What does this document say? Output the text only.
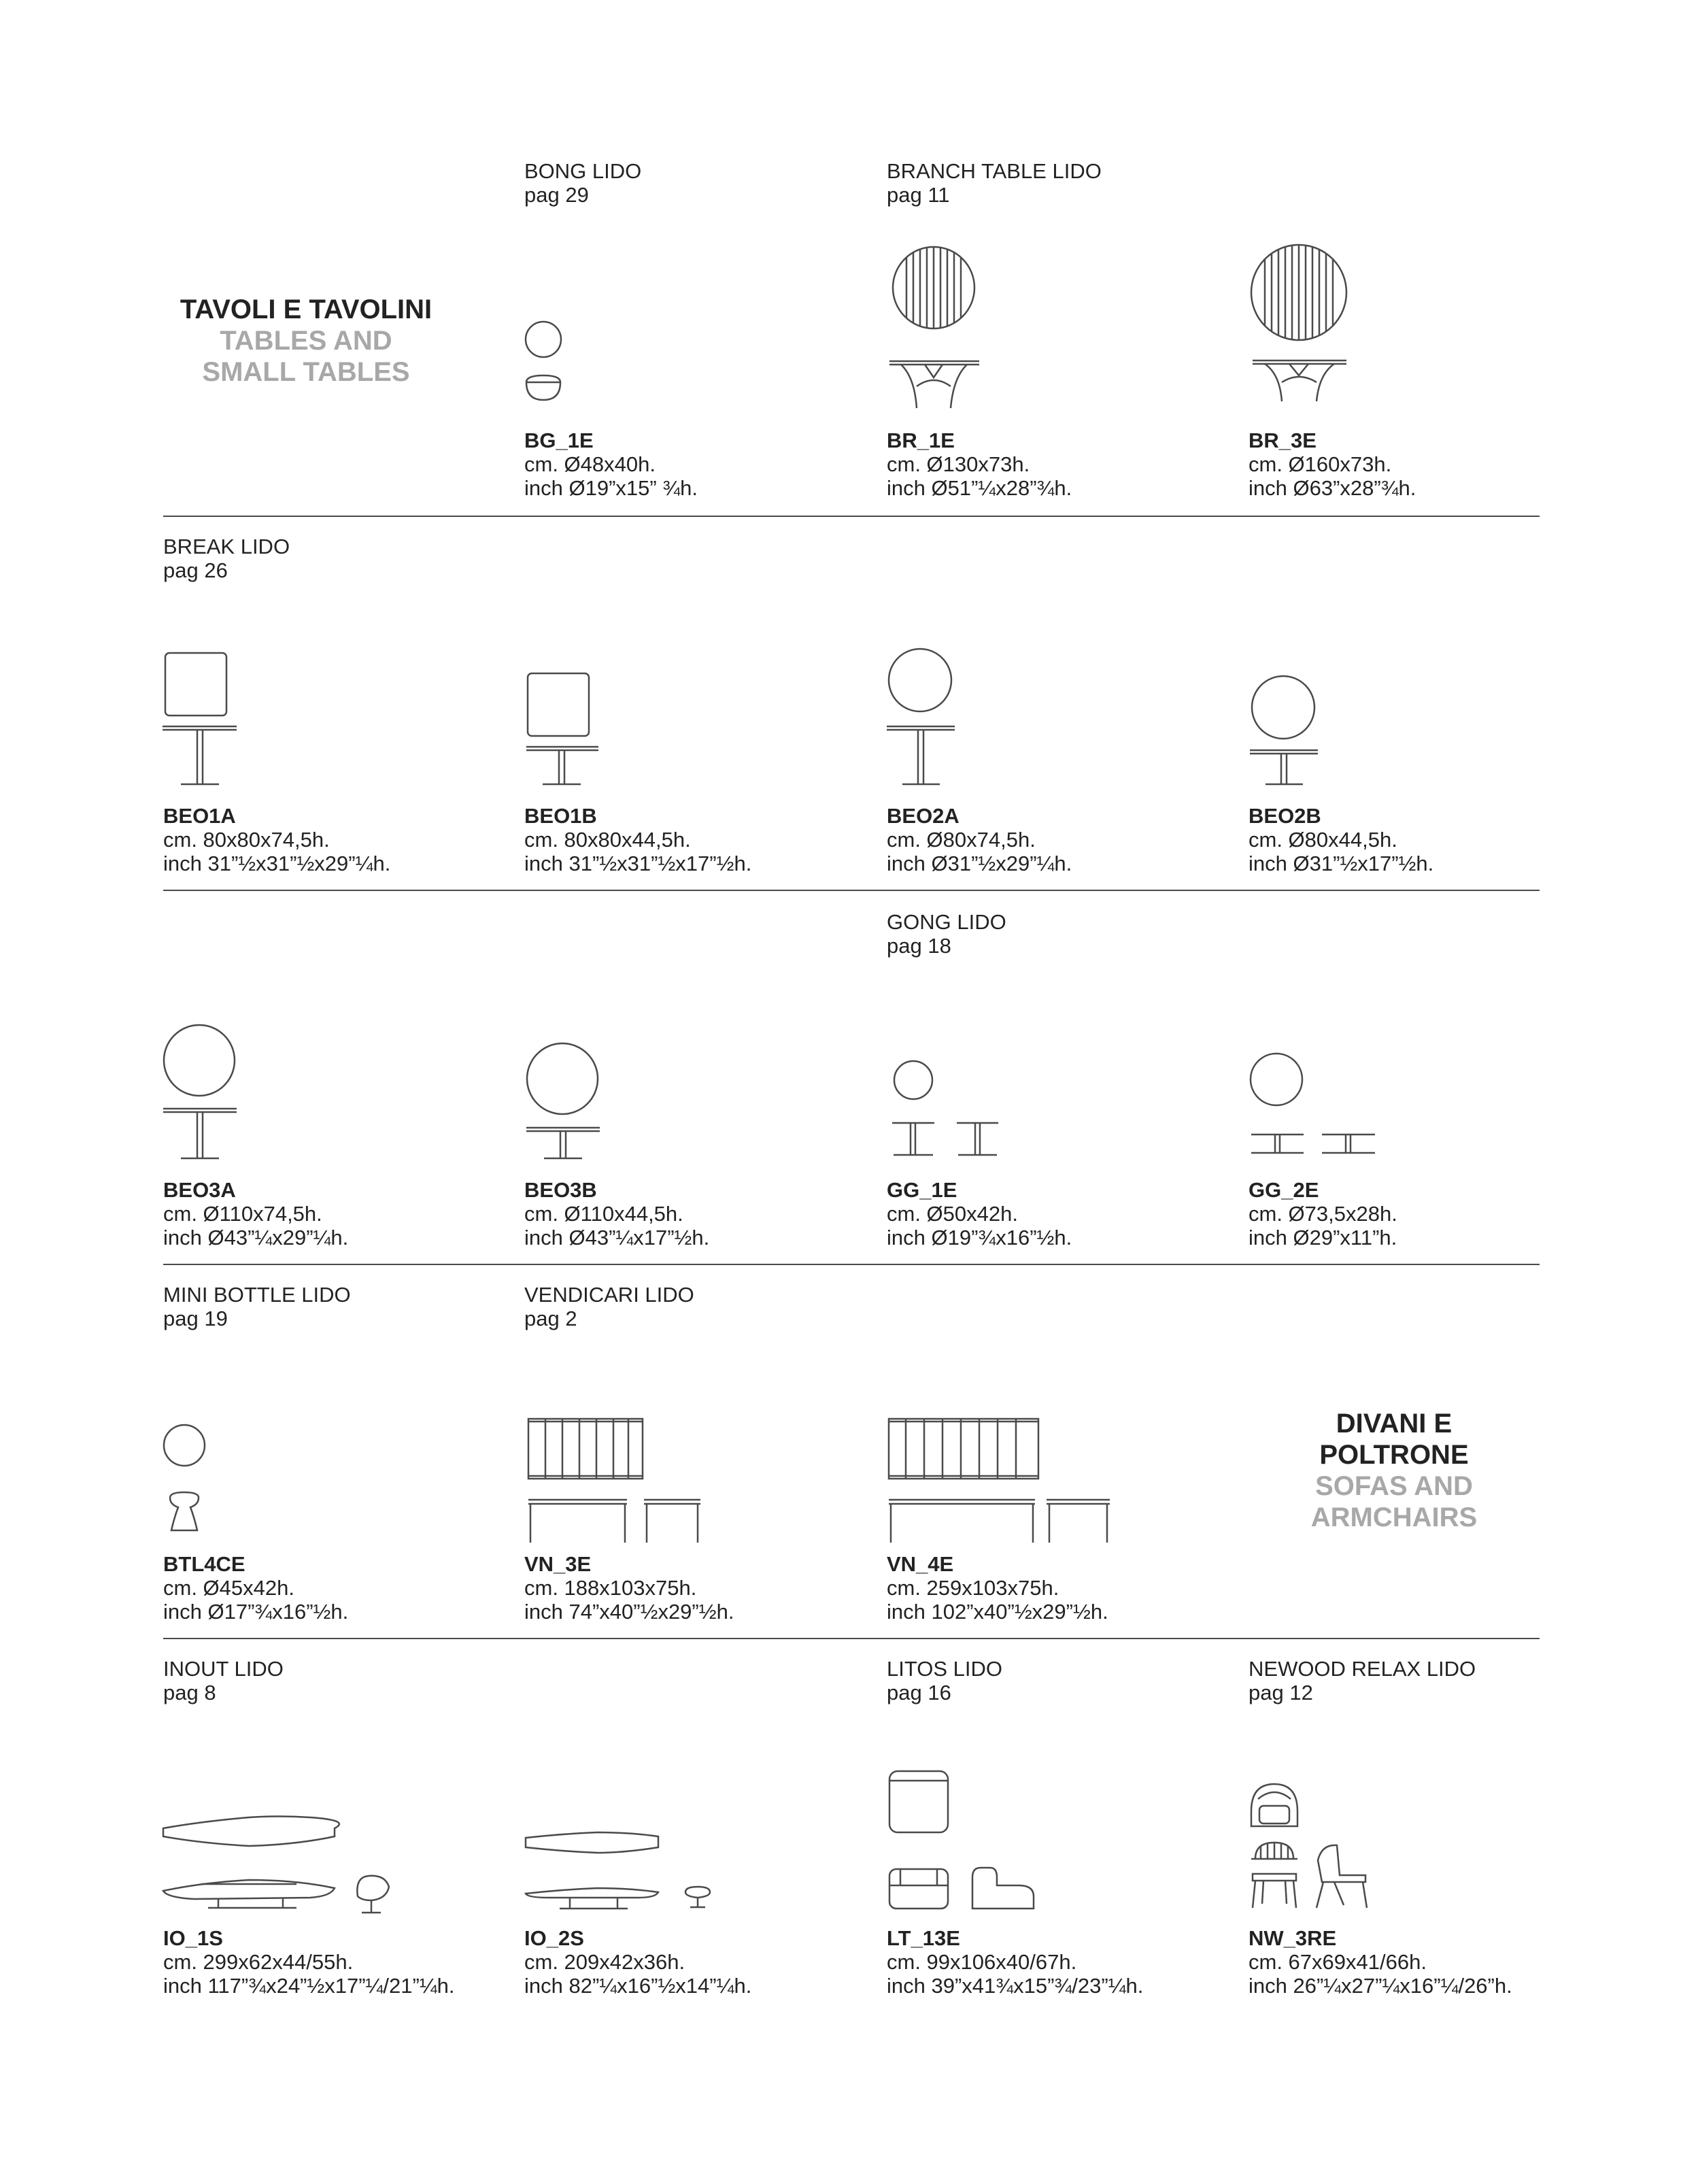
TAVOLI E TAVOLINI
TABLES AND
SMALL TABLES
BONG LIDO
pag 29
BRANCH TABLE LIDO
pag 11
BG_1E
cm. Ø48x40h.
inch Ø19”x15” ¾h.
BR_1E
cm. Ø130x73h.
inch Ø51”¼x28”¾h.
BR_3E
cm. Ø160x73h.
inch Ø63”x28”¾h.
BREAK LIDO
pag 26
BEO1A
cm. 80x80x74,5h.
inch 31”½x31”½x29”¼h.
BEO1B
cm. 80x80x44,5h.
inch 31”½x31”½x17”½h.
BEO2A
cm. Ø80x74,5h.
inch Ø31”½x29”¼h.
BEO2B
cm. Ø80x44,5h.
inch Ø31”½x17”½h.
GONG LIDO
pag 18
BEO3A
cm. Ø110x74,5h.
inch Ø43”¼x29”¼h.
BEO3B
cm. Ø110x44,5h.
inch Ø43”¼x17”½h.
GG_1E
cm. Ø50x42h.
inch Ø19”¾x16”½h.
GG_2E
cm. Ø73,5x28h.
inch Ø29”x11”h.
MINI BOTTLE LIDO
pag 19
VENDICARI LIDO
pag 2
BTL4CE
cm. Ø45x42h.
inch Ø17”¾x16”½h.
VN_3E
cm. 188x103x75h.
inch 74”x40”½x29”½h.
VN_4E
cm. 259x103x75h.
inch 102”x40”½x29”½h.
DIVANI E
POLTRONE
SOFAS AND
ARMCHAIRS
INOUT LIDO
pag 8
LITOS LIDO
pag 16
NEWOOD RELAX LIDO
pag 12
IO_1S
cm. 299x62x44/55h.
inch 117”¾x24”½x17”¼/21”¼h.
IO_2S
cm. 209x42x36h.
inch 82”¼x16”½x14”¼h.
LT_13E
cm. 99x106x40/67h.
inch 39”x41¾x15”¾/23”¼h.
NW_3RE
cm. 67x69x41/66h.
inch 26”¼x27”¼x16”¼/26”h.
